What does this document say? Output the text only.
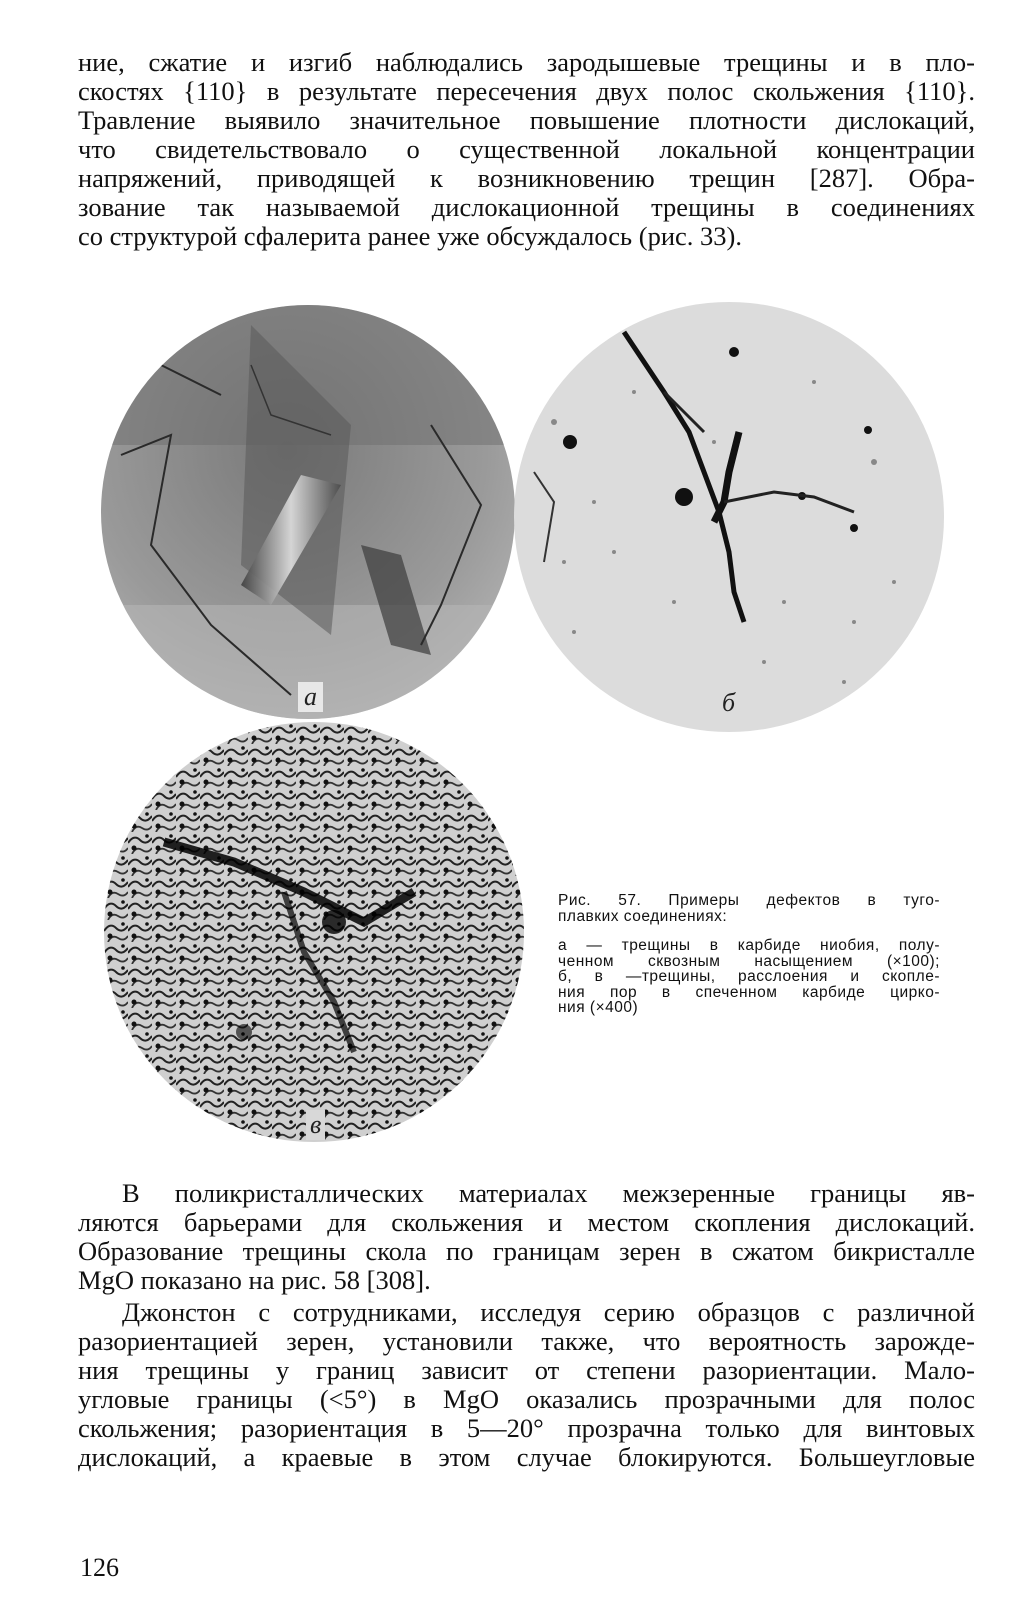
ние, сжатие и изгиб наблюдались зародышевые трещины и в пло-
скостях {110} в результате пересечения двух полос скольжения {110}.
Травление выявило значительное повышение плотности дислокаций,
что свидетельствовало о существенной локальной концентрации
напряжений, приводящей к возникновению трещин [287]. Обра-
зование так называемой дислокационной трещины в соединениях
со структурой сфалерита ранее уже обсуждалось (рис. 33).

а	б
в

Рис. 57. Примеры дефектов в туго-
плавких соединениях:

а — трещины в карбиде ниобия, полу-
ченном сквозным насыщением (×100);
б, в —трещины, расслоения и скопле-
ния пор в спеченном карбиде цирко-
ния (×400)

В поликристаллических материалах межзеренные границы яв-
ляются барьерами для скольжения и местом скопления дислокаций.
Образование трещины скола по границам зерен в сжатом бикристалле
MgO показано на рис. 58 [308].

Джонстон с сотрудниками, исследуя серию образцов с различной
разориентацией зерен, установили также, что вероятность зарожде-
ния трещины у границ зависит от степени разориентации. Мало-
угловые границы (<5°) в MgO оказались прозрачными для полос
скольжения; разориентация в 5—20° прозрачна только для винтовых
дислокаций, а краевые в этом случае блокируются. Большеугловые

126
